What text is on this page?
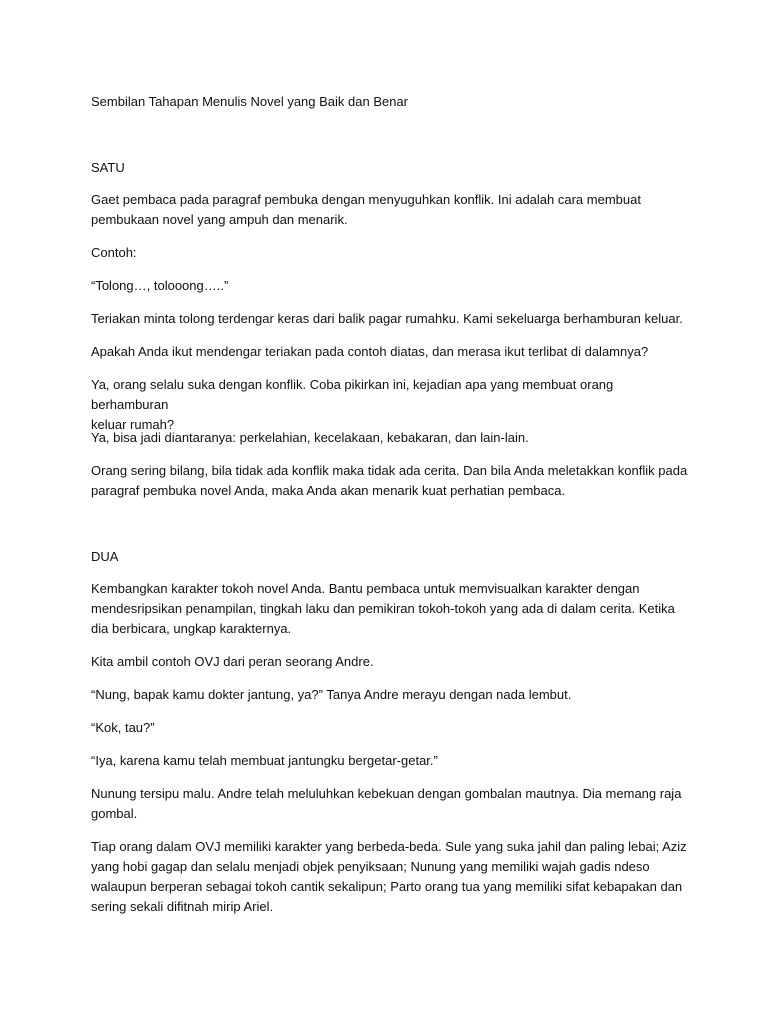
Sembilan Tahapan Menulis Novel yang Baik dan Benar

SATU

Gaet pembaca pada paragraf pembuka dengan menyuguhkan konflik. Ini adalah cara membuat
pembukaan novel yang ampuh dan menarik.

Contoh:

“Tolong…, tolooong…..”

Teriakan minta tolong terdengar keras dari balik pagar rumahku. Kami sekeluarga berhamburan keluar.

Apakah Anda ikut mendengar teriakan pada contoh diatas, dan merasa ikut terlibat di dalamnya?

Ya, orang selalu suka dengan konflik. Coba pikirkan ini, kejadian apa yang membuat orang berhamburan
keluar rumah?

Ya, bisa jadi diantaranya: perkelahian, kecelakaan, kebakaran, dan lain-lain.

Orang sering bilang, bila tidak ada konflik maka tidak ada cerita. Dan bila Anda meletakkan konflik pada
paragraf pembuka novel Anda, maka Anda akan menarik kuat perhatian pembaca.

DUA

Kembangkan karakter tokoh novel Anda. Bantu pembaca untuk memvisualkan karakter dengan
mendesripsikan penampilan, tingkah laku dan pemikiran tokoh-tokoh yang ada di dalam cerita. Ketika
dia berbicara, ungkap karakternya.

Kita ambil contoh OVJ dari peran seorang Andre.

“Nung, bapak kamu dokter jantung, ya?” Tanya Andre merayu dengan nada lembut.

“Kok, tau?”

“Iya, karena kamu telah membuat jantungku bergetar-getar.”

Nunung tersipu malu. Andre telah meluluhkan kebekuan dengan gombalan mautnya. Dia memang raja
gombal.

Tiap orang dalam OVJ memiliki karakter yang berbeda-beda. Sule yang suka jahil dan paling lebai; Aziz
yang hobi gagap dan selalu menjadi objek penyiksaan; Nunung yang memiliki wajah gadis ndeso
walaupun berperan sebagai tokoh cantik sekalipun; Parto orang tua yang memiliki sifat kebapakan dan
sering sekali difitnah mirip Ariel.
